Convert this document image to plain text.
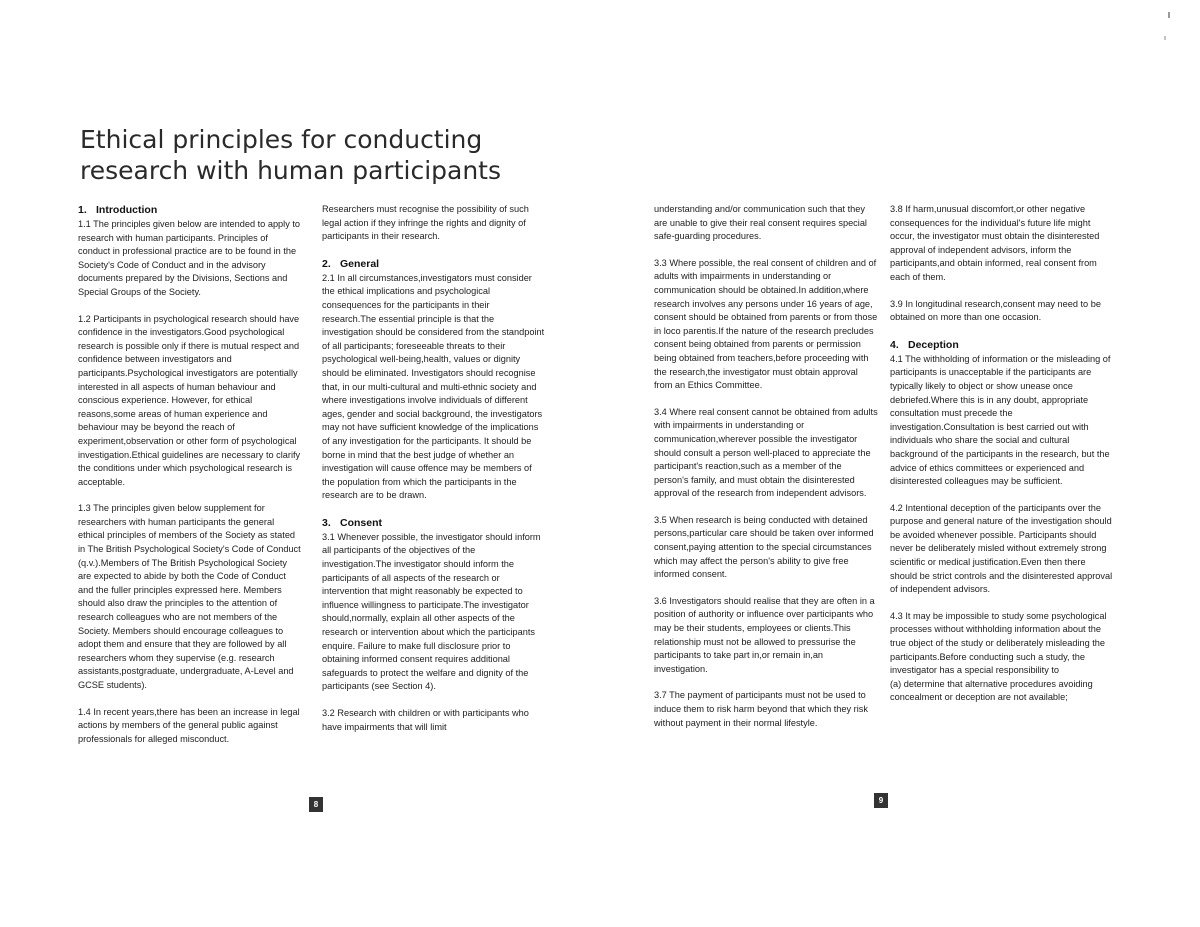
Ethical principles for conducting
research with human participants
1. Introduction

1.1 The principles given below are intended to apply to research with human participants. Principles of conduct in professional practice are to be found in the Society's Code of Conduct and in the advisory documents prepared by the Divisions, Sections and Special Groups of the Society.

1.2 Participants in psychological research should have confidence in the investigators.Good psychological research is possible only if there is mutual respect and confidence between investigators and participants.Psychological investigators are potentially interested in all aspects of human behaviour and conscious experience. However, for ethical reasons,some areas of human experience and behaviour may be beyond the reach of experiment,observation or other form of psychological investigation.Ethical guidelines are necessary to clarify the conditions under which psychological research is acceptable.

1.3 The principles given below supplement for researchers with human participants the general ethical principles of members of the Society as stated in The British Psychological Society's Code of Conduct (q.v.).Members of The British Psychological Society are expected to abide by both the Code of Conduct and the fuller principles expressed here. Members should also draw the principles to the attention of research colleagues who are not members of the Society. Members should encourage colleagues to adopt them and ensure that they are followed by all researchers whom they supervise (e.g. research assistants,postgraduate, undergraduate, A-Level and GCSE students).

1.4 In recent years,there has been an increase in legal actions by members of the general public against professionals for alleged misconduct.

Researchers must recognise the possibility of such legal action if they infringe the rights and dignity of participants in their research.

2. General

2.1 In all circumstances,investigators must consider the ethical implications and psychological consequences for the participants in their research.The essential principle is that the investigation should be considered from the standpoint of all participants; foreseeable threats to their psychological well-being,health, values or dignity should be eliminated. Investigators should recognise that, in our multi-cultural and multi-ethnic society and where investigations involve individuals of different ages, gender and social background, the investigators may not have sufficient knowledge of the implications of any investigation for the participants. It should be borne in mind that the best judge of whether an investigation will cause offence may be members of the population from which the participants in the research are to be drawn.

3. Consent

3.1 Whenever possible, the investigator should inform all participants of the objectives of the investigation.The investigator should inform the participants of all aspects of the research or intervention that might reasonably be expected to influence willingness to participate.The investigator should,normally, explain all other aspects of the research or intervention about which the participants enquire. Failure to make full disclosure prior to obtaining informed consent requires additional safeguards to protect the welfare and dignity of the participants (see Section 4).

3.2 Research with children or with participants who have impairments that will limit

understanding and/or communication such that they are unable to give their real consent requires special safe-guarding procedures.

3.3 Where possible, the real consent of children and of adults with impairments in understanding or communication should be obtained.In addition,where research involves any persons under 16 years of age, consent should be obtained from parents or from those in loco parentis.If the nature of the research precludes consent being obtained from parents or permission being obtained from teachers,before proceeding with the research,the investigator must obtain approval from an Ethics Committee.

3.4 Where real consent cannot be obtained from adults with impairments in understanding or communication,wherever possible the investigator should consult a person well-placed to appreciate the participant's reaction,such as a member of the person's family, and must obtain the disinterested approval of the research from independent advisors.

3.5 When research is being conducted with detained persons,particular care should be taken over informed consent,paying attention to the special circumstances which may affect the person's ability to give free informed consent.

3.6 Investigators should realise that they are often in a position of authority or influence over participants who may be their students, employees or clients.This relationship must not be allowed to pressurise the participants to take part in,or remain in,an investigation.

3.7 The payment of participants must not be used to induce them to risk harm beyond that which they risk without payment in their normal lifestyle.

3.8 If harm,unusual discomfort,or other negative consequences for the individual's future life might occur, the investigator must obtain the disinterested approval of independent advisors, inform the participants,and obtain informed, real consent from each of them.

3.9 In longitudinal research,consent may need to be obtained on more than one occasion.

4. Deception

4.1 The withholding of information or the misleading of participants is unacceptable if the participants are typically likely to object or show unease once debriefed.Where this is in any doubt, appropriate consultation must precede the investigation.Consultation is best carried out with individuals who share the social and cultural background of the participants in the research, but the advice of ethics committees or experienced and disinterested colleagues may be sufficient.

4.2 Intentional deception of the participants over the purpose and general nature of the investigation should be avoided whenever possible. Participants should never be deliberately misled without extremely strong scientific or medical justification.Even then there should be strict controls and the disinterested approval of independent advisors.

4.3 It may be impossible to study some psychological processes without withholding information about the true object of the study or deliberately misleading the participants.Before conducting such a study, the investigator has a special responsibility to

(a) determine that alternative procedures avoiding concealment or deception are not available;

8	9
